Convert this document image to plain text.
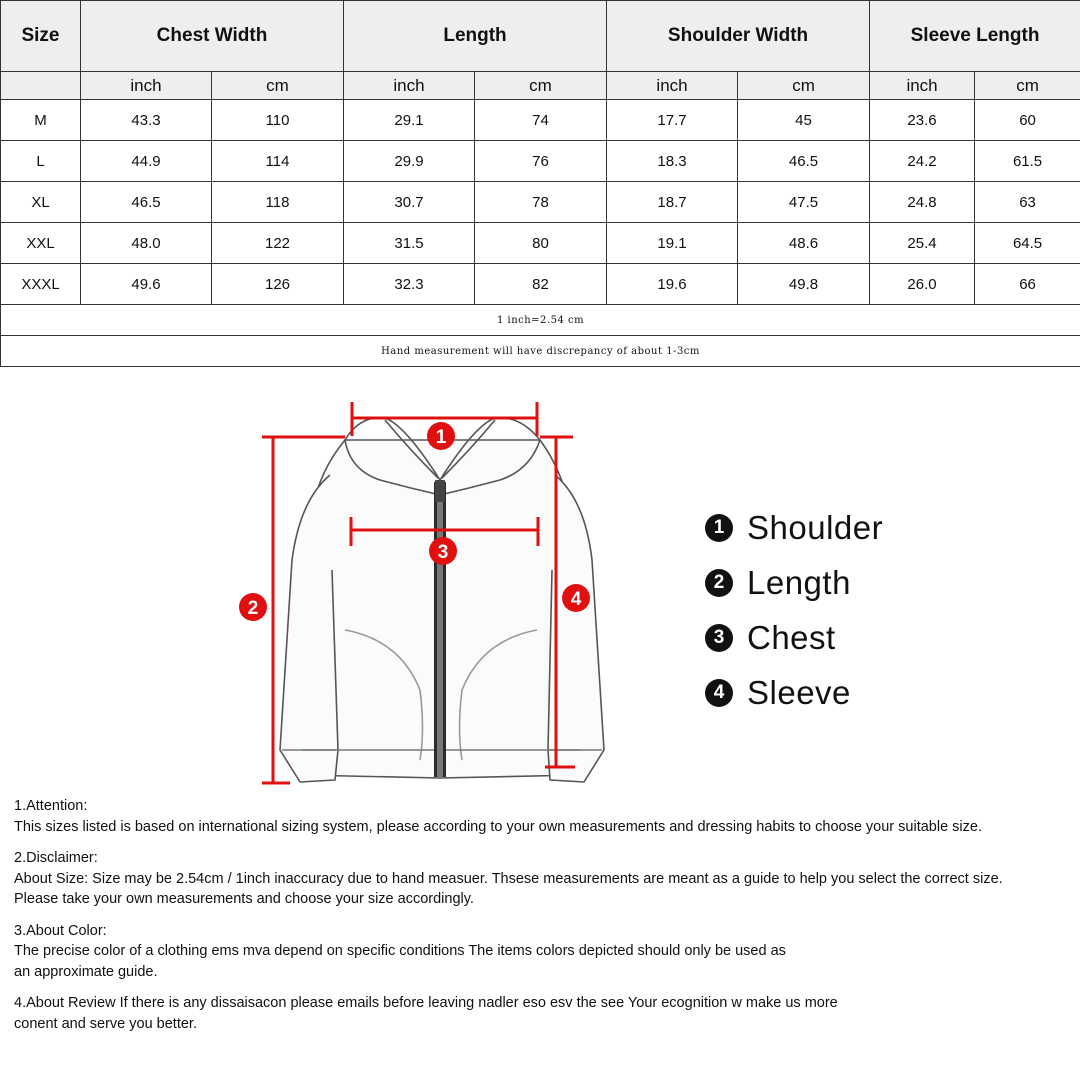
Size	Chest Width		Length		Shoulder Width		Sleeve Length	
	inch	cm	inch	cm	inch	cm	inch	cm
M	43.3	110	29.1	74	17.7	45	23.6	60
L	44.9	114	29.9	76	18.3	46.5	24.2	61.5
XL	46.5	118	30.7	78	18.7	47.5	24.8	63
XXL	48.0	122	31.5	80	19.1	48.6	25.4	64.5
XXXL	49.6	126	32.3	82	19.6	49.8	26.0	66
1 inch=2.54 cm								
Hand measurement will have discrepancy of about 1-3cm								
1
2
3
4
1 Shoulder
2 Length
3 Chest
4 Sleeve

1.Attention:

This sizes listed is based on international sizing system, please according to your own measurements and dressing habits to choose your suitable size.

2.Disclaimer:

About Size: Size may be 2.54cm / 1inch inaccuracy due to hand measuer. Thsese measurements are meant as a guide to help you select the correct size.

Please take your own measurements and choose your size accordingly.

3.About Color:

The precise color of a clothing ems mva depend on specific conditions The items colors depicted should only be used as

an approximate guide.

4.About Review If there is any dissaisacon please emails before leaving nadler eso esv the see Your ecognition w make us more

conent and serve you better.
